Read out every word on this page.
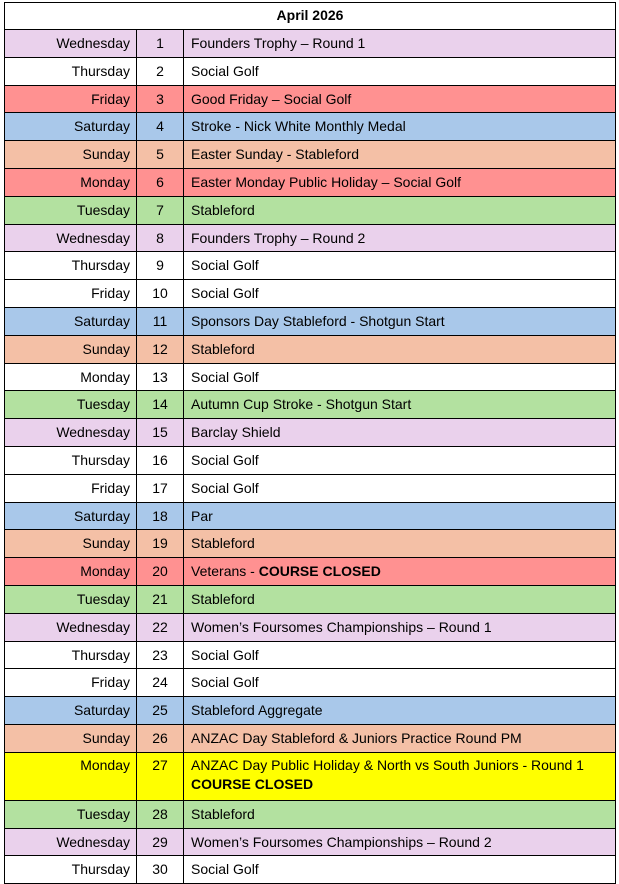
April 2026		
Wednesday	1	Founders Trophy – Round 1
Thursday	2	Social Golf
Friday	3	Good Friday – Social Golf
Saturday	4	Stroke - Nick White Monthly Medal
Sunday	5	Easter Sunday - Stableford
Monday	6	Easter Monday Public Holiday – Social Golf
Tuesday	7	Stableford
Wednesday	8	Founders Trophy – Round 2
Thursday	9	Social Golf
Friday	10	Social Golf
Saturday	11	Sponsors Day Stableford - Shotgun Start
Sunday	12	Stableford
Monday	13	Social Golf
Tuesday	14	Autumn Cup Stroke - Shotgun Start
Wednesday	15	Barclay Shield
Thursday	16	Social Golf
Friday	17	Social Golf
Saturday	18	Par
Sunday	19	Stableford
Monday	20	Veterans - COURSE CLOSED
Tuesday	21	Stableford
Wednesday	22	Women’s Foursomes Championships – Round 1
Thursday	23	Social Golf
Friday	24	Social Golf
Saturday	25	Stableford Aggregate
Sunday	26	ANZAC Day Stableford & Juniors Practice Round PM
Monday	27	ANZAC Day Public Holiday & North vs South Juniors - Round 1 COURSE CLOSED
Tuesday	28	Stableford
Wednesday	29	Women’s Foursomes Championships – Round 2
Thursday	30	Social Golf
